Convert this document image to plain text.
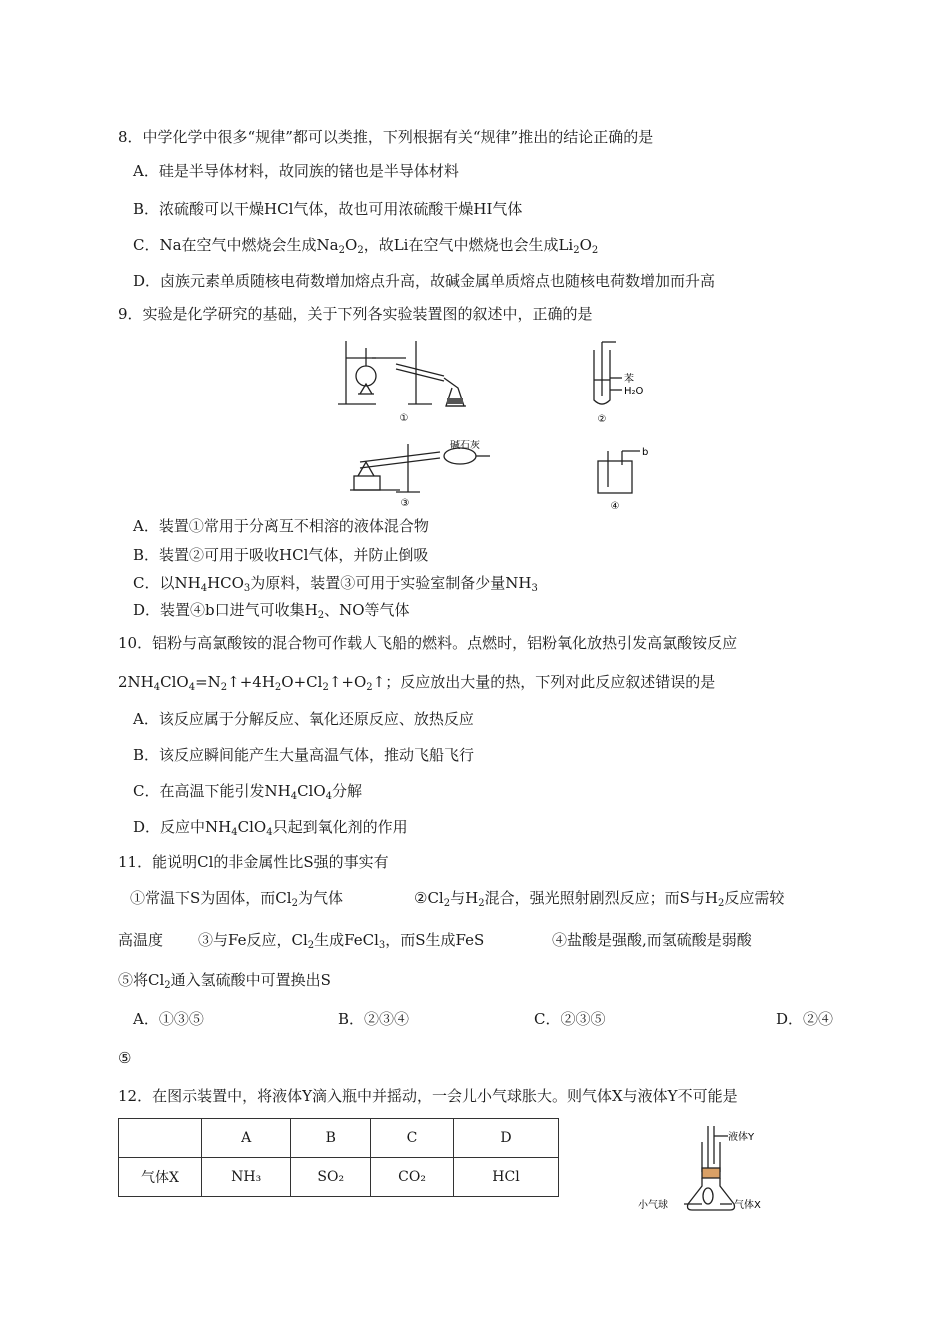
8．中学化学中很多“规律”都可以类推，下列根据有关“规律”推出的结论正确的是
A．硅是半导体材料，故同族的锗也是半导体材料
B．浓硫酸可以干燥HCl气体，故也可用浓硫酸干燥HI气体
C．Na在空气中燃烧会生成$Na_2O_2$，故Li在空气中燃烧也会生成$Li_2O_2$
D．卤族元素单质随核电荷数增加熔点升高，故碱金属单质熔点也随核电荷数增加而升高
9．实验是化学研究的基础，关于下列各实验装置图的叙述中，正确的是
①
苯
H₂O
②
碱石灰
③
b
④
A．装置①常用于分离互不相溶的液体混合物
B．装置②可用于吸收HCl气体，并防止倒吸
C．以$NH_4HCO_3$为原料，装置③可用于实验室制备少量$NH_3$
D．装置④b口进气可收集$H_2$、NO等气体
10．铝粉与高氯酸铵的混合物可作载人飞船的燃料。点燃时，铝粉氧化放热引发高氯酸铵反应
$2NH_4ClO_4=N_2↑+4H_2O+Cl_2↑+O_2↑$；反应放出大量的热，下列对此反应叙述错误的是
A．该反应属于分解反应、氧化还原反应、放热反应
B．该反应瞬间能产生大量高温气体，推动飞船飞行
C．在高温下能引发$NH_4ClO_4$分解
D．反应中$NH_4ClO_4$只起到氧化剂的作用
11．能说明Cl的非金属性比S强的事实有
①常温下S为固体，而$Cl_2$为气体	$②Cl_2$与$H_2$混合，强光照射剧烈反应；而S与$H_2$反应需较
高温度 ③与Fe反应，$Cl_2$生成FeCl$_3$，而S生成FeS	④盐酸是强酸,而氢硫酸是弱酸
⑤将$Cl_2$通入氢硫酸中可置换出S
A．①③⑤	B．②③④	C．②③⑤	D．②④
⑤
12．在图示装置中，将液体Y滴入瓶中并摇动，一会儿小气球胀大。则气体X与液体Y不可能是
	A	B	C	D
气体X	NH₃	SO₂	CO₂	HCl
液体Y
小气球	气体X
